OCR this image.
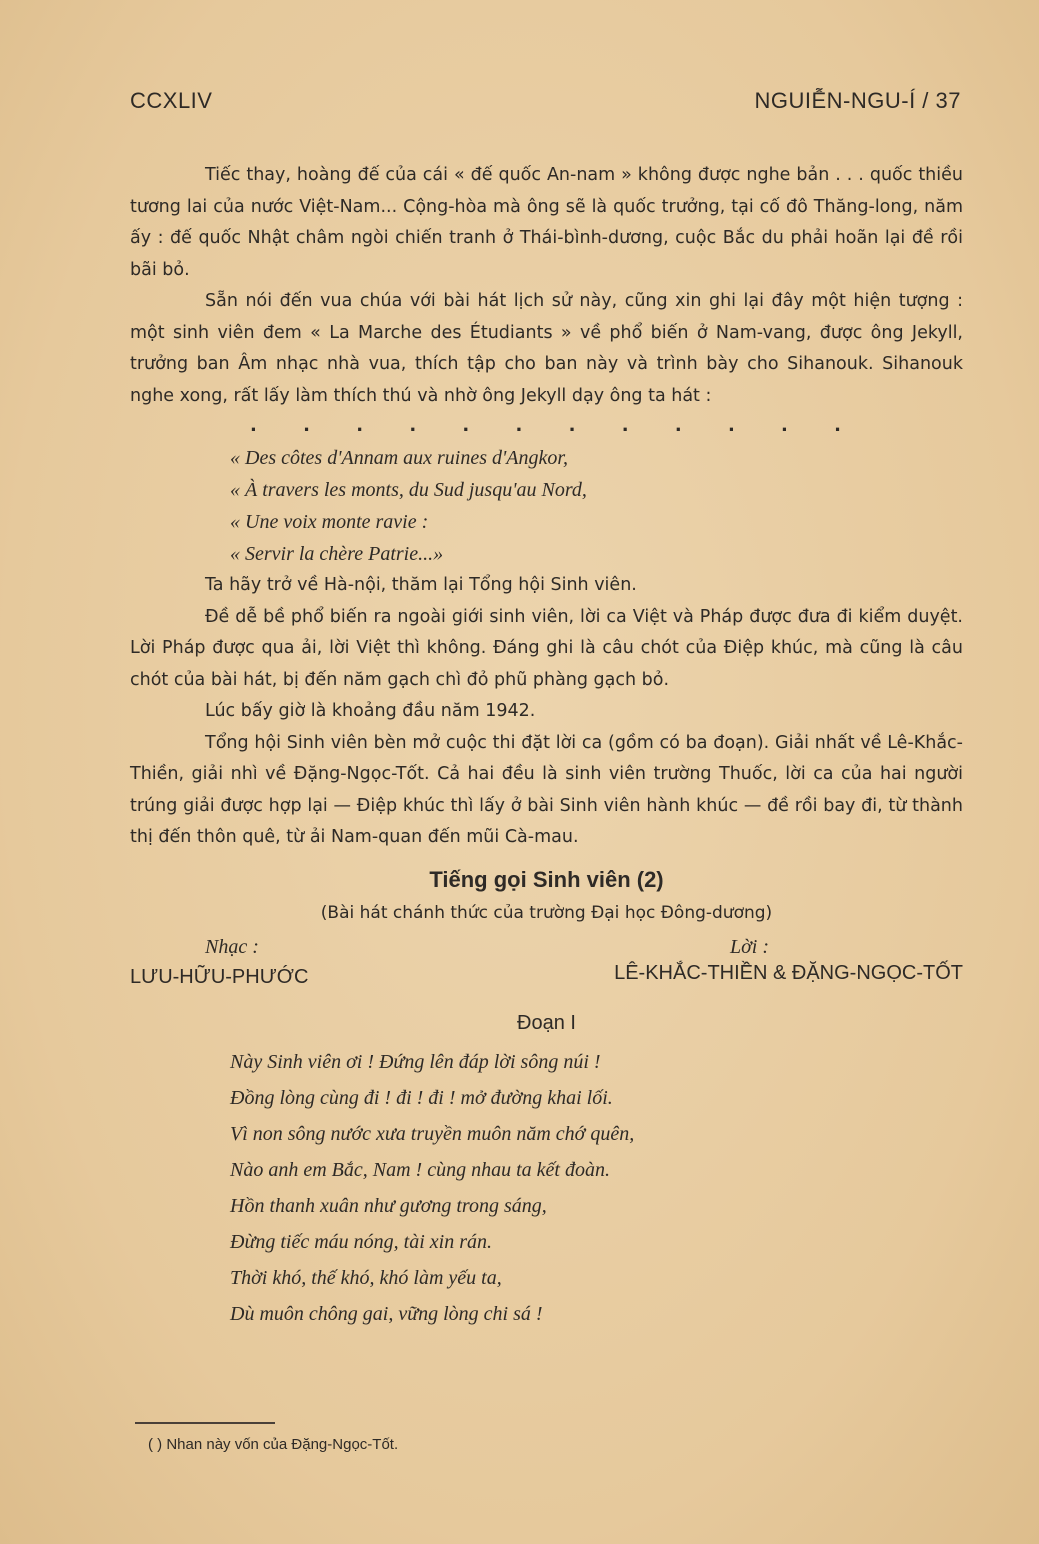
CCXLIV	NGUIỄN-NGU-Í / 37

Tiếc thay, hoàng đế của cái « đế quốc An-nam » không được nghe bản . . . quốc thiều tương lai của nước Việt-Nam... Cộng-hòa mà ông sẽ là quốc trưởng, tại cố đô Thăng-long, năm ấy : đế quốc Nhật châm ngòi chiến tranh ở Thái-bình-dương, cuộc Bắc du phải hoãn lại đề rồi bãi bỏ.

Sẵn nói đến vua chúa với bài hát lịch sử này, cũng xin ghi lại đây một hiện tượng : một sinh viên đem « La Marche des Étudiants » về phổ biến ở Nam-vang, được ông Jekyll, trưởng ban Âm nhạc nhà vua, thích tập cho ban này và trình bày cho Sihanouk. Sihanouk nghe xong, rất lấy làm thích thú và nhờ ông Jekyll dạy ông ta hát :

. . . . . . . . . . . .
« Des côtes d'Annam aux ruines d'Angkor,
« À travers les monts, du Sud jusqu'au Nord,
« Une voix monte ravie :
« Servir la chère Patrie...»

Ta hãy trở về Hà-nội, thăm lại Tổng hội Sinh viên.

Đề dễ bề phổ biến ra ngoài giới sinh viên, lời ca Việt và Pháp được đưa đi kiểm duyệt. Lời Pháp được qua ải, lời Việt thì không. Đáng ghi là câu chót của Điệp khúc, mà cũng là câu chót của bài hát, bị đến năm gạch chì đỏ phũ phàng gạch bỏ.

Lúc bấy giờ là khoảng đầu năm 1942.

Tổng hội Sinh viên bèn mở cuộc thi đặt lời ca (gồm có ba đoạn). Giải nhất về Lê-Khắc-Thiền, giải nhì về Đặng-Ngọc-Tốt. Cả hai đều là sinh viên trường Thuốc, lời ca của hai người trúng giải được hợp lại — Điệp khúc thì lấy ở bài Sinh viên hành khúc — đề rồi bay đi, từ thành thị đến thôn quê, từ ải Nam-quan đến mũi Cà-mau.

Tiếng gọi Sinh viên (2)
(Bài hát chánh thức của trường Đại học Đông-dương)
Nhạc :	Lời :
LƯU-HỮU-PHƯỚC	LÊ-KHẮC-THIỀN & ĐẶNG-NGỌC-TỐT
Đoạn I
Này Sinh viên ơi ! Đứng lên đáp lời sông núi !
Đồng lòng cùng đi ! đi ! đi ! mở đường khai lối.
Vì non sông nước xưa truyền muôn năm chớ quên,
Nào anh em Bắc, Nam ! cùng nhau ta kết đoàn.
Hồn thanh xuân như gương trong sáng,
Đừng tiếc máu nóng, tài xin rán.
Thời khó, thế khó, khó làm yếu ta,
Dù muôn chông gai, vững lòng chi sá !
( ) Nhan này vốn của Đặng-Ngọc-Tốt.
